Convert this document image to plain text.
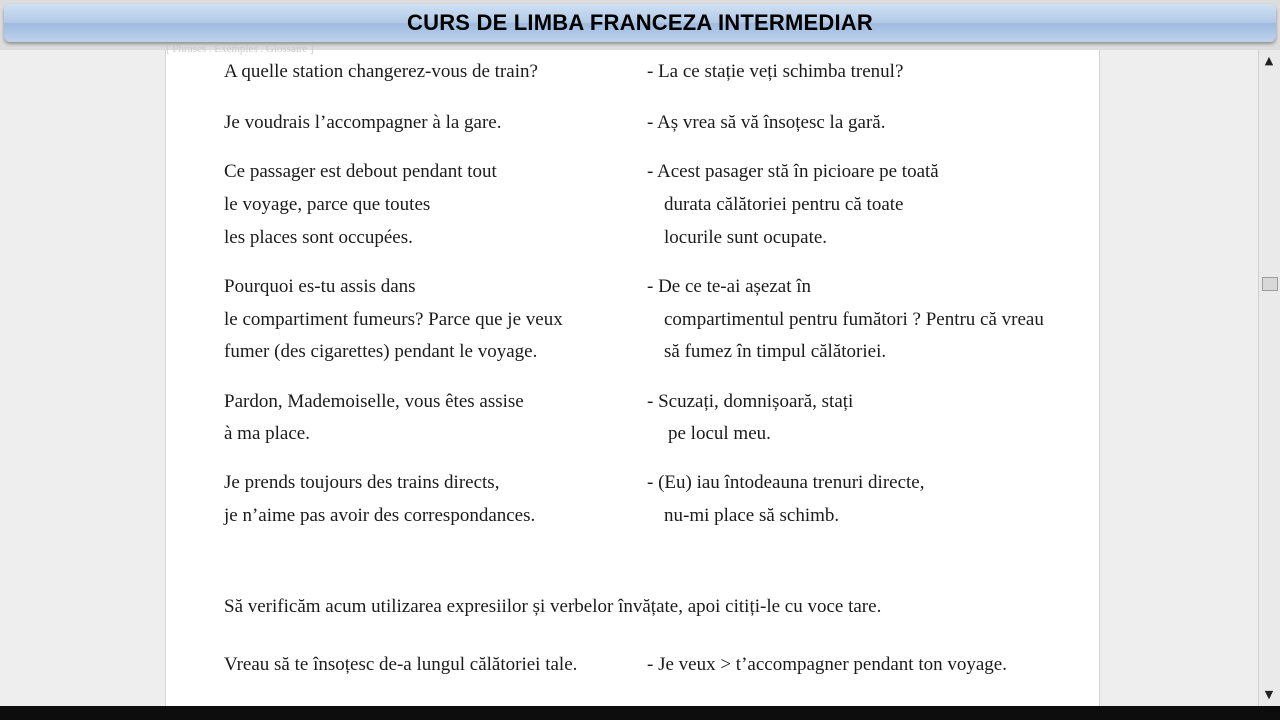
CURS DE LIMBA FRANCEZA INTERMEDIAR
[ Phrases . Exemples . Glossaire ]
A quelle station changerez-vous de train?
Je voudrais l’accompagner à la gare.
Ce passager est debout pendant tout
le voyage, parce que toutes
les places sont occupées.
Pourquoi es-tu assis dans
le compartiment fumeurs? Parce que je veux
fumer (des cigarettes) pendant le voyage.
Pardon, Mademoiselle, vous êtes assise
à ma place.
Je prends toujours des trains directs,
je n’aime pas avoir des correspondances.
- La ce stație veți schimba trenul?
- Aș vrea să vă însoțesc la gară.
- Acest pasager stă în picioare pe toată
durata călătoriei pentru că toate
locurile sunt ocupate.
- De ce te-ai așezat în
compartimentul pentru fumători ? Pentru că vreau
să fumez în timpul călătoriei.
- Scuzați, domnișoară, stați
pe locul meu.
- (Eu) iau întodeauna trenuri directe,
nu-mi place să schimb.
Să verificăm acum utilizarea expresiilor și verbelor învățate, apoi citiți-le cu voce tare.
Vreau să te însoțesc de-a lungul călătoriei tale.	- Je veux > t’accompagner pendant ton voyage.
▲
▼
